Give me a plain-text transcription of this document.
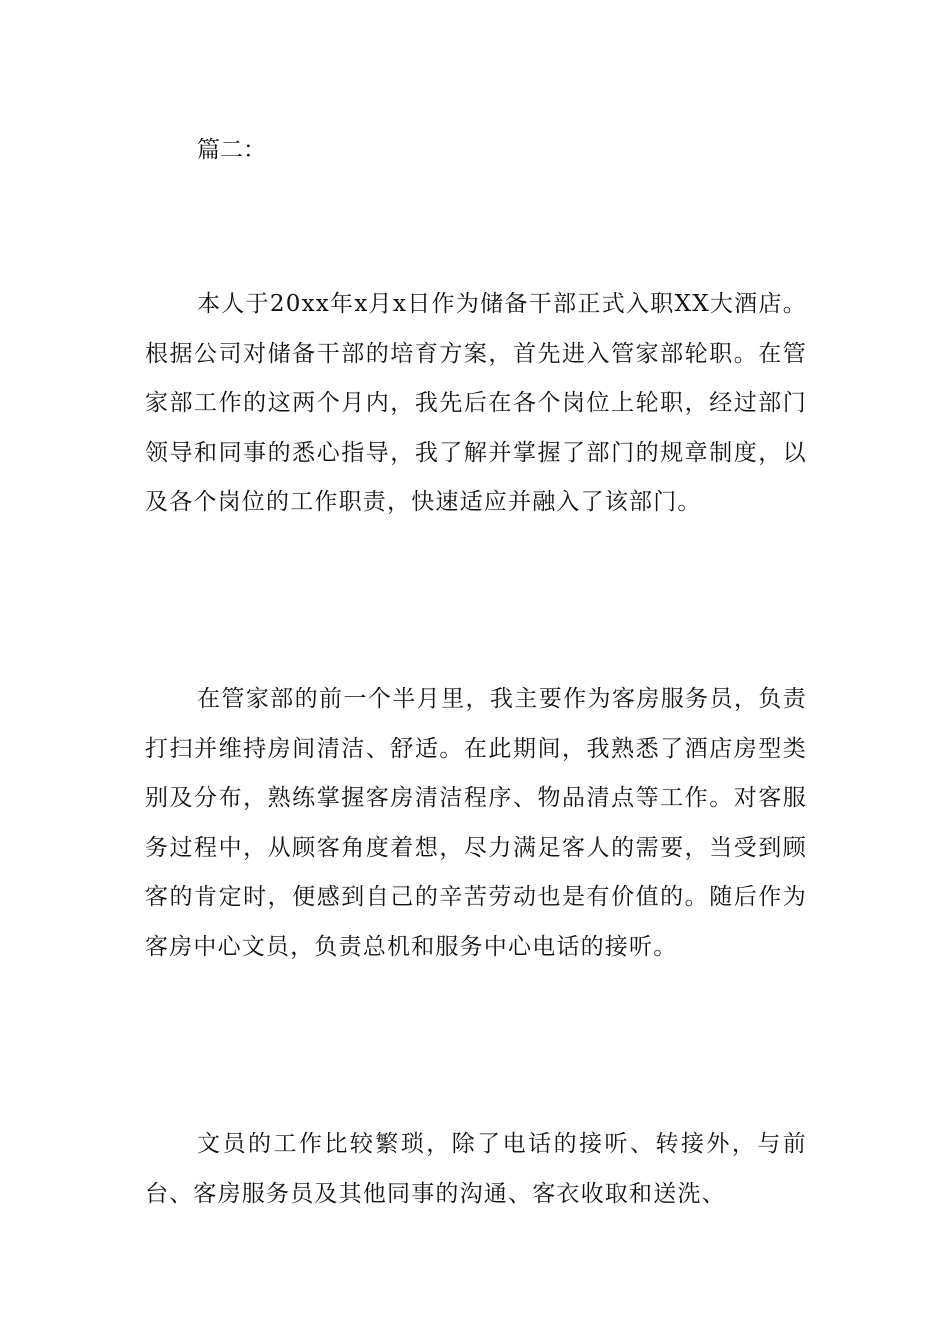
篇二：

本人于20xx年x月x日作为储备干部正式入职XX大酒店。根据公司对储备干部的培育方案，首先进入管家部轮职。在管家部工作的这两个月内，我先后在各个岗位上轮职，经过部门领导和同事的悉心指导，我了解并掌握了部门的规章制度，以及各个岗位的工作职责，快速适应并融入了该部门。

在管家部的前一个半月里，我主要作为客房服务员，负责打扫并维持房间清洁、舒适。在此期间，我熟悉了酒店房型类别及分布，熟练掌握客房清洁程序、物品清点等工作。对客服务过程中，从顾客角度着想，尽力满足客人的需要，当受到顾客的肯定时，便感到自己的辛苦劳动也是有价值的。随后作为客房中心文员，负责总机和服务中心电话的接听。

文员的工作比较繁琐，除了电话的接听、转接外，与前台、客房服务员及其他同事的沟通、客衣收取和送洗、
